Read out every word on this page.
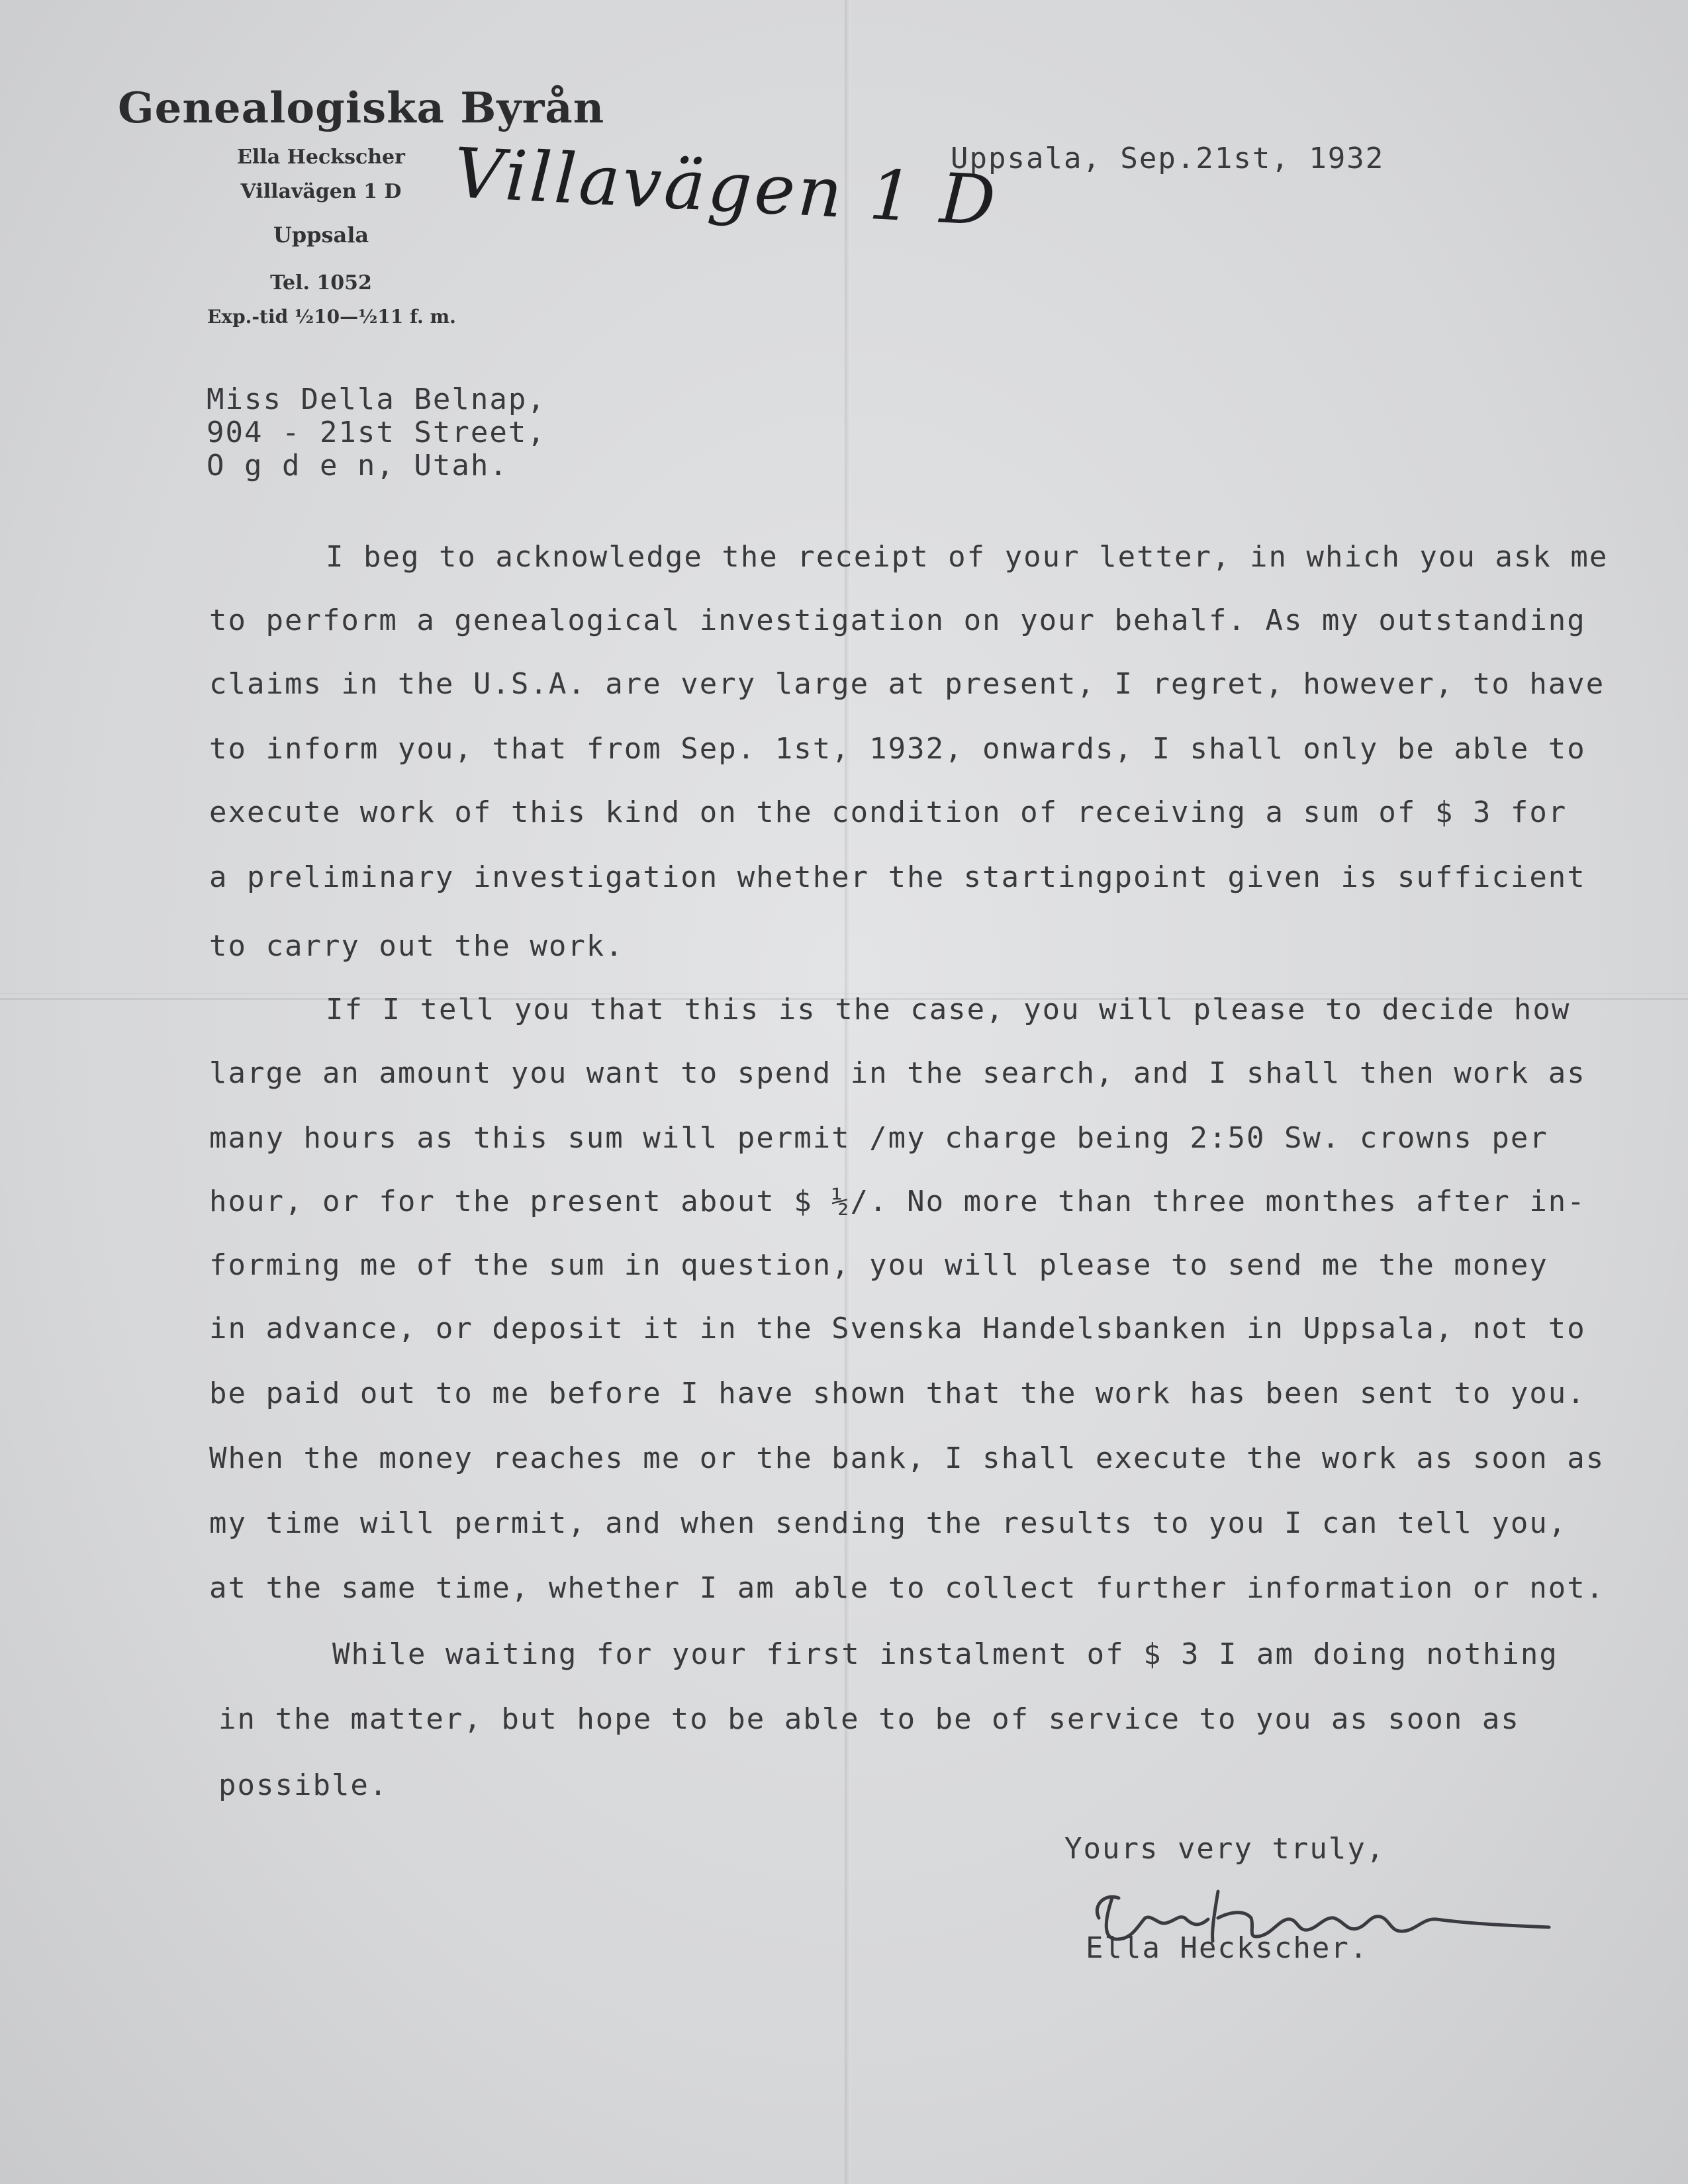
Genealogiska Byrån
Ella Heckscher
Villavägen 1 D
Uppsala
Tel. 1052
Exp.-tid ½10—½11 f. m.
Villavägen 1 D
Uppsala, Sep.21st, 1932
Miss Della Belnap,
904 - 21st Street,
O g d e n, Utah.
I beg to acknowledge the receipt of your letter, in which you ask me
to perform a genealogical investigation on your behalf. As my outstanding
claims in the U.S.A. are very large at present, I regret, however, to have
to inform you, that from Sep. 1st, 1932, onwards, I shall only be able to
execute work of this kind on the condition of receiving a sum of $ 3 for
a preliminary investigation whether the startingpoint given is sufficient
to carry out the work.
If I tell you that this is the case, you will please to decide how
large an amount you want to spend in the search, and I shall then work as
many hours as this sum will permit /my charge being 2:50 Sw. crowns per
hour, or for the present about $ ½/. No more than three monthes after in-
forming me of the sum in question, you will please to send me the money
in advance, or deposit it in the Svenska Handelsbanken in Uppsala, not to
be paid out to me before I have shown that the work has been sent to you.
When the money reaches me or the bank, I shall execute the work as soon as
my time will permit, and when sending the results to you I can tell you,
at the same time, whether I am able to collect further information or not.
While waiting for your first instalment of $ 3 I am doing nothing
in the matter, but hope to be able to be of service to you as soon as
possible.
Yours very truly,
Ella Heckscher.
